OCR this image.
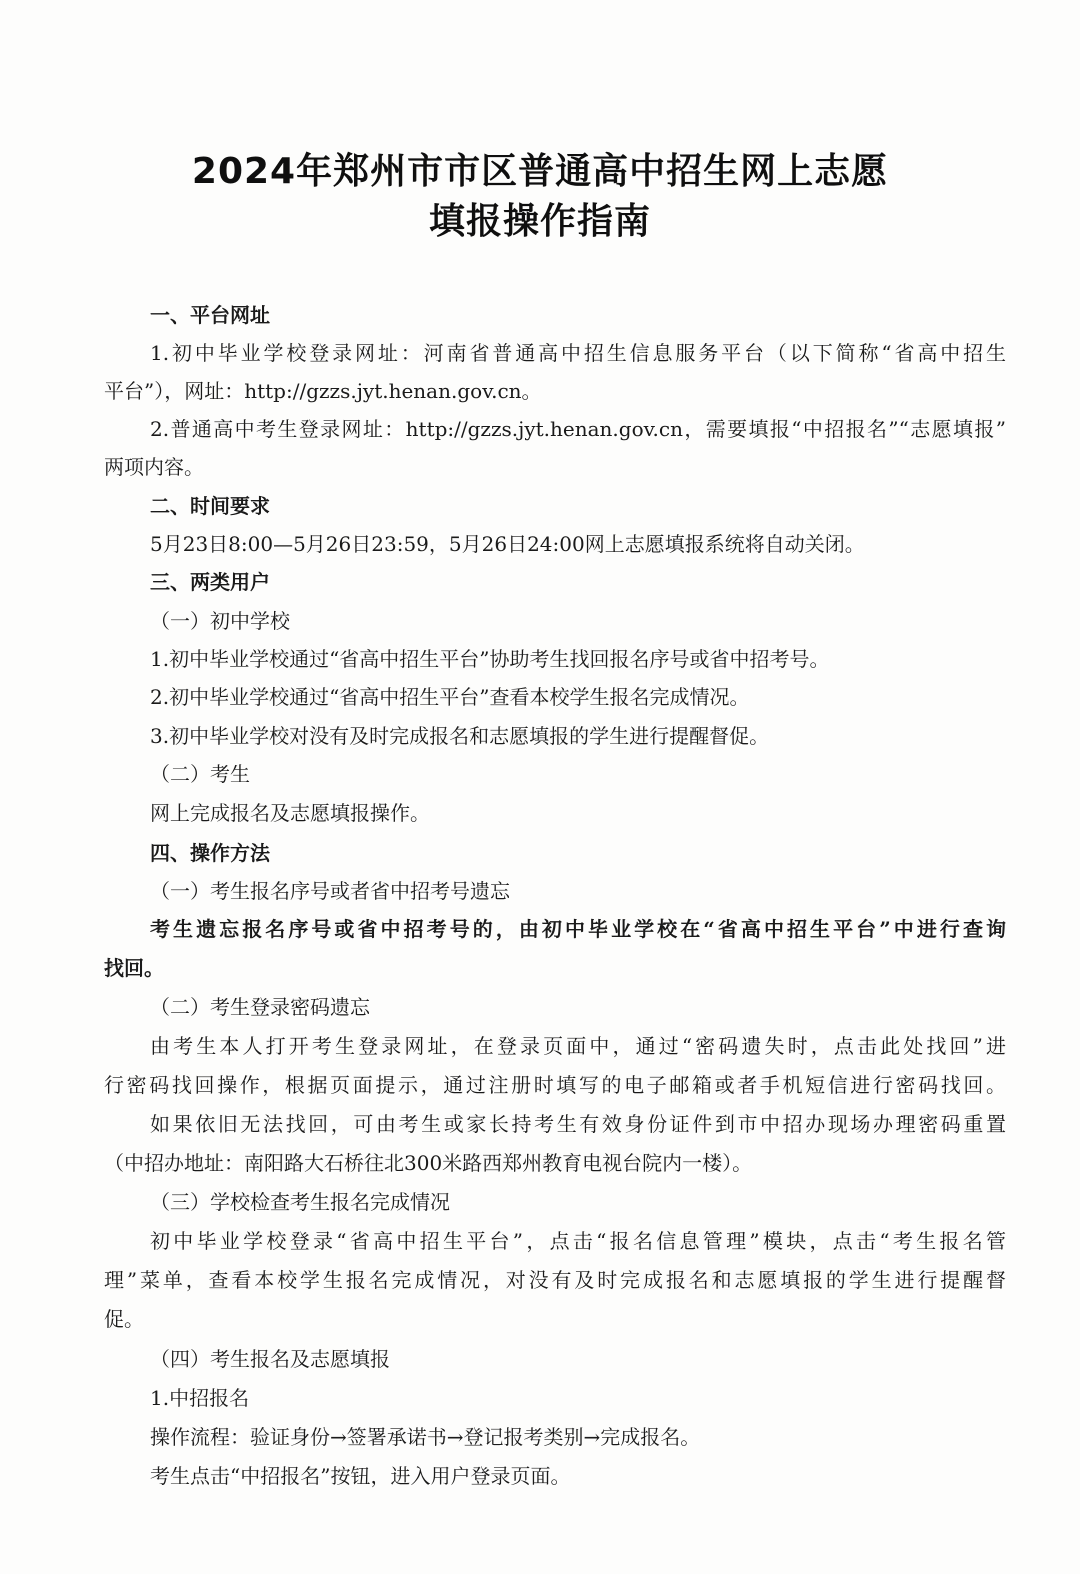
2024年郑州市市区普通高中招生网上志愿
填报操作指南
一、平台网址
1.初中毕业学校登录网址：河南省普通高中招生信息服务平台（以下简称“省高中招生
平台”），网址：http://gzzs.jyt.henan.gov.cn。
2.普通高中考生登录网址：http://gzzs.jyt.henan.gov.cn，需要填报“中招报名”“志愿填报”
两项内容。
二、时间要求
5月23日8:00—5月26日23:59，5月26日24:00网上志愿填报系统将自动关闭。
三、两类用户
（一）初中学校
1.初中毕业学校通过“省高中招生平台”协助考生找回报名序号或省中招考号。
2.初中毕业学校通过“省高中招生平台”查看本校学生报名完成情况。
3.初中毕业学校对没有及时完成报名和志愿填报的学生进行提醒督促。
（二）考生
网上完成报名及志愿填报操作。
四、操作方法
（一）考生报名序号或者省中招考号遗忘
考生遗忘报名序号或省中招考号的，由初中毕业学校在“省高中招生平台”中进行查询
找回。
（二）考生登录密码遗忘
由考生本人打开考生登录网址，在登录页面中，通过“密码遗失时，点击此处找回”进
行密码找回操作，根据页面提示，通过注册时填写的电子邮箱或者手机短信进行密码找回。
如果依旧无法找回，可由考生或家长持考生有效身份证件到市中招办现场办理密码重置
（中招办地址：南阳路大石桥往北300米路西郑州教育电视台院内一楼）。
（三）学校检查考生报名完成情况
初中毕业学校登录“省高中招生平台”，点击“报名信息管理”模块，点击“考生报名管
理”菜单，查看本校学生报名完成情况，对没有及时完成报名和志愿填报的学生进行提醒督
促。
（四）考生报名及志愿填报
1.中招报名
操作流程：验证身份→签署承诺书→登记报考类别→完成报名。
考生点击“中招报名”按钮，进入用户登录页面。
